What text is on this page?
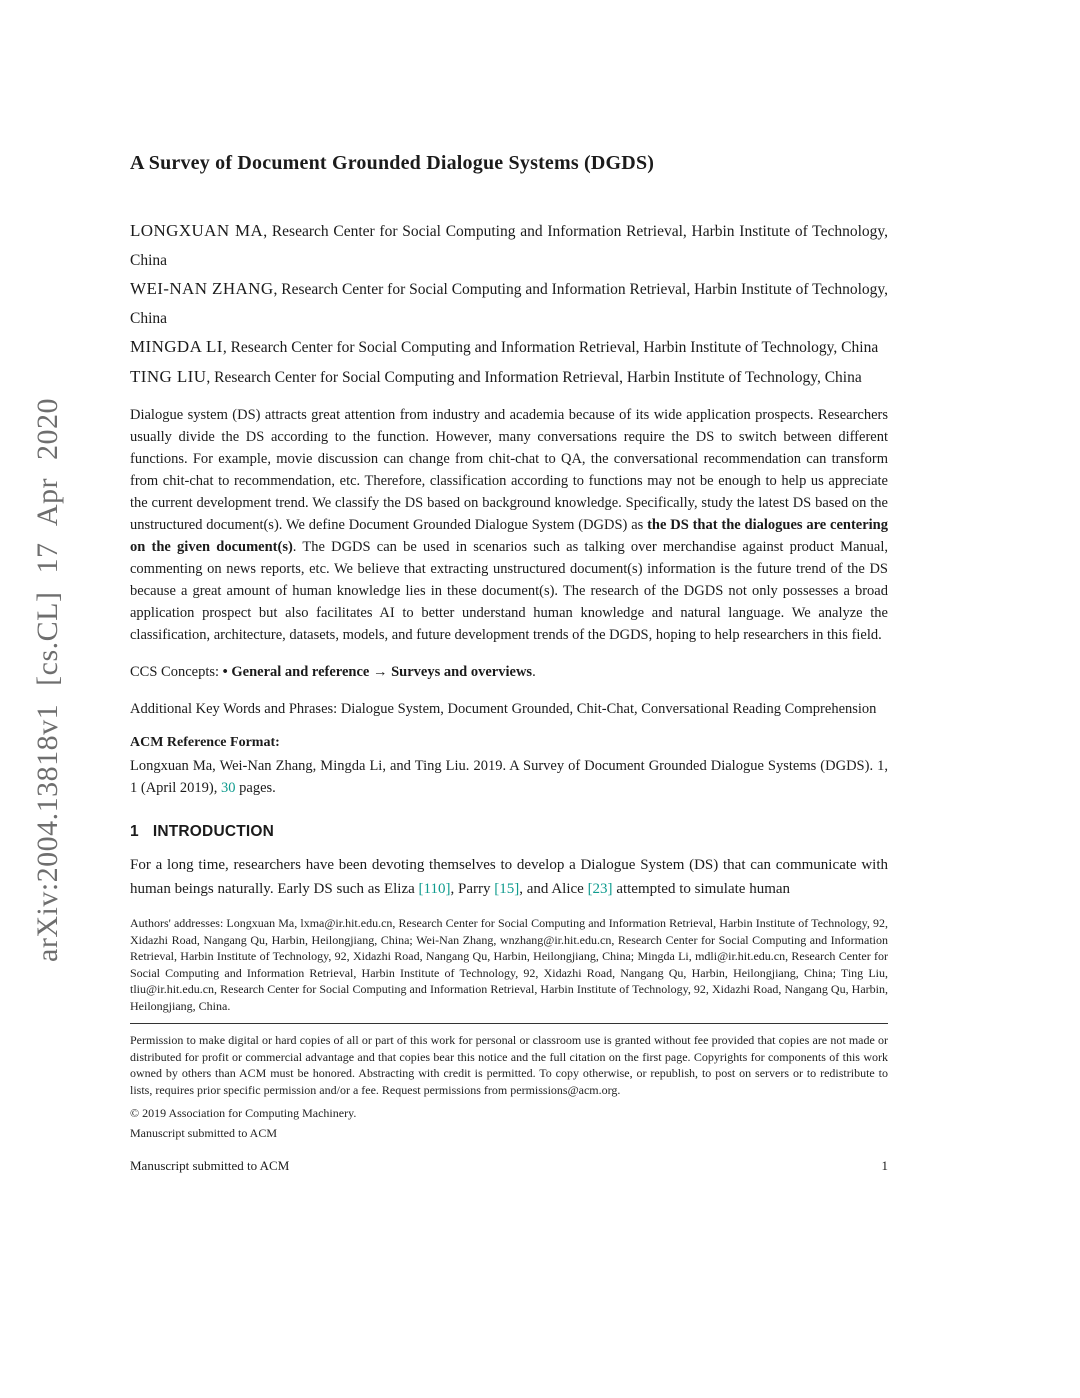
arXiv:2004.13818v1 [cs.CL] 17 Apr 2020
A Survey of Document Grounded Dialogue Systems (DGDS)
LONGXUAN MA, Research Center for Social Computing and Information Retrieval, Harbin Institute of Technology, China
WEI-NAN ZHANG, Research Center for Social Computing and Information Retrieval, Harbin Institute of Technology, China
MINGDA LI, Research Center for Social Computing and Information Retrieval, Harbin Institute of Technology, China
TING LIU, Research Center for Social Computing and Information Retrieval, Harbin Institute of Technology, China
Dialogue system (DS) attracts great attention from industry and academia because of its wide application prospects. Researchers usually divide the DS according to the function. However, many conversations require the DS to switch between different functions. For example, movie discussion can change from chit-chat to QA, the conversational recommendation can transform from chit-chat to recommendation, etc. Therefore, classification according to functions may not be enough to help us appreciate the current development trend. We classify the DS based on background knowledge. Specifically, study the latest DS based on the unstructured document(s). We define Document Grounded Dialogue System (DGDS) as the DS that the dialogues are centering on the given document(s). The DGDS can be used in scenarios such as talking over merchandise against product Manual, commenting on news reports, etc. We believe that extracting unstructured document(s) information is the future trend of the DS because a great amount of human knowledge lies in these document(s). The research of the DGDS not only possesses a broad application prospect but also facilitates AI to better understand human knowledge and natural language. We analyze the classification, architecture, datasets, models, and future development trends of the DGDS, hoping to help researchers in this field.
CCS Concepts: • General and reference → Surveys and overviews.
Additional Key Words and Phrases: Dialogue System, Document Grounded, Chit-Chat, Conversational Reading Comprehension
ACM Reference Format:
Longxuan Ma, Wei-Nan Zhang, Mingda Li, and Ting Liu. 2019. A Survey of Document Grounded Dialogue Systems (DGDS). 1, 1 (April 2019), 30 pages.
1 INTRODUCTION
For a long time, researchers have been devoting themselves to develop a Dialogue System (DS) that can communicate with human beings naturally. Early DS such as Eliza [110], Parry [15], and Alice [23] attempted to simulate human
Authors' addresses: Longxuan Ma, lxma@ir.hit.edu.cn, Research Center for Social Computing and Information Retrieval, Harbin Institute of Technology, 92, Xidazhi Road, Nangang Qu, Harbin, Heilongjiang, China; Wei-Nan Zhang, wnzhang@ir.hit.edu.cn, Research Center for Social Computing and Information Retrieval, Harbin Institute of Technology, 92, Xidazhi Road, Nangang Qu, Harbin, Heilongjiang, China; Mingda Li, mdli@ir.hit.edu.cn, Research Center for Social Computing and Information Retrieval, Harbin Institute of Technology, 92, Xidazhi Road, Nangang Qu, Harbin, Heilongjiang, China; Ting Liu, tliu@ir.hit.edu.cn, Research Center for Social Computing and Information Retrieval, Harbin Institute of Technology, 92, Xidazhi Road, Nangang Qu, Harbin, Heilongjiang, China.
Permission to make digital or hard copies of all or part of this work for personal or classroom use is granted without fee provided that copies are not made or distributed for profit or commercial advantage and that copies bear this notice and the full citation on the first page. Copyrights for components of this work owned by others than ACM must be honored. Abstracting with credit is permitted. To copy otherwise, or republish, to post on servers or to redistribute to lists, requires prior specific permission and/or a fee. Request permissions from permissions@acm.org.
© 2019 Association for Computing Machinery.
Manuscript submitted to ACM
Manuscript submitted to ACM	1
